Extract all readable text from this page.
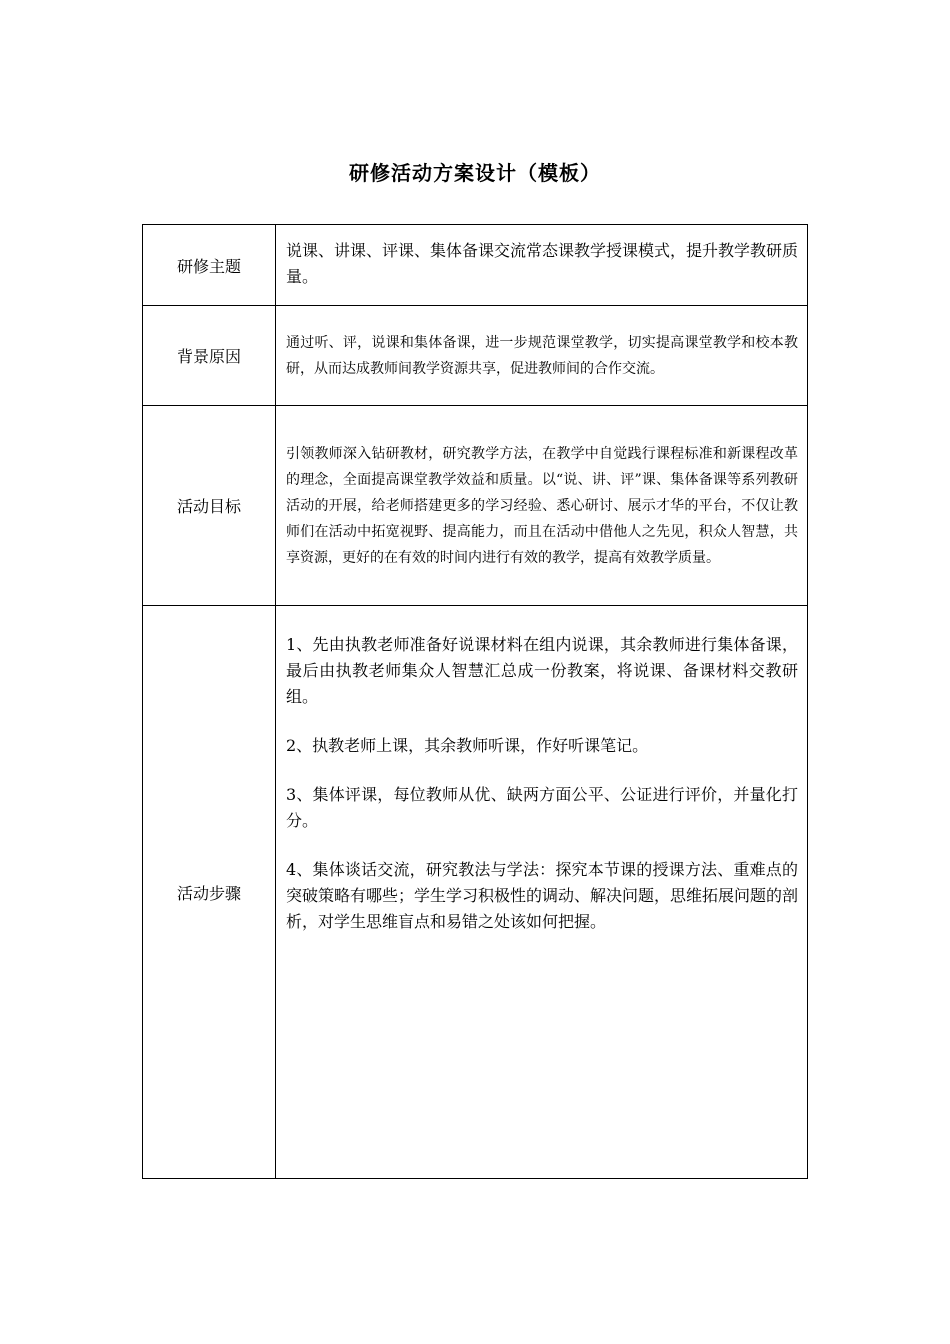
研修活动方案设计（模板）
研修主题	说课、讲课、评课、集体备课交流常态课教学授课模式，提升教学教研质量。

背景原因	通过听、评，说课和集体备课，进一步规范课堂教学，切实提高课堂教学和校本教研，从而达成教师间教学资源共享，促进教师间的合作交流。

活动目标	引领教师深入钻研教材，研究教学方法，在教学中自觉践行课程标准和新课程改革的理念，全面提高课堂教学效益和质量。以“说、讲、评”课、集体备课等系列教研活动的开展，给老师搭建更多的学习经验、悉心研讨、展示才华的平台，不仅让教师们在活动中拓宽视野、提高能力，而且在活动中借他人之先见，积众人智慧，共享资源，更好的在有效的时间内进行有效的教学，提高有效教学质量。

活动步骤	1、先由执教老师准备好说课材料在组内说课，其余教师进行集体备课，最后由执教老师集众人智慧汇总成一份教案，将说课、备课材料交教研组。

2、执教老师上课，其余教师听课，作好听课笔记。

3、集体评课，每位教师从优、缺两方面公平、公证进行评价，并量化打分。

4、集体谈话交流，研究教法与学法：探究本节课的授课方法、重难点的突破策略有哪些；学生学习积极性的调动、解决问题，思维拓展问题的剖析，对学生思维盲点和易错之处该如何把握。
